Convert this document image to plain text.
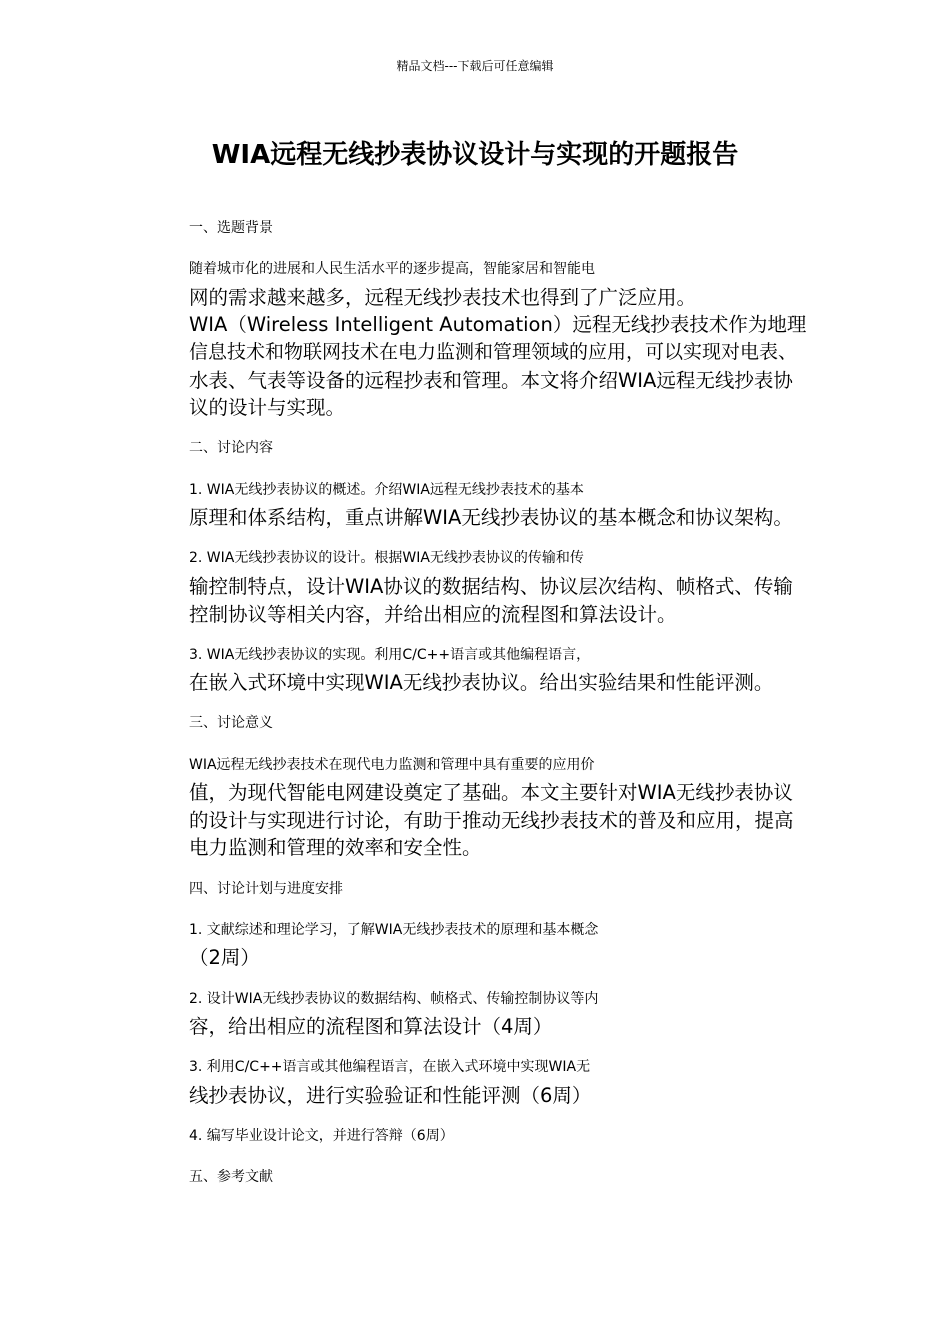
精品文档---下载后可任意编辑
WIA远程无线抄表协议设计与实现的开题报告
一、选题背景
随着城市化的进展和人民生活水平的逐步提高，智能家居和智能电
网的需求越来越多，远程无线抄表技术也得到了广泛应用。
WIA（Wireless Intelligent Automation）远程无线抄表技术作为地理
信息技术和物联网技术在电力监测和管理领域的应用，可以实现对电表、
水表、气表等设备的远程抄表和管理。本文将介绍WIA远程无线抄表协
议的设计与实现。
二、讨论内容
1. WIA无线抄表协议的概述。介绍WIA远程无线抄表技术的基本
原理和体系结构，重点讲解WIA无线抄表协议的基本概念和协议架构。
2. WIA无线抄表协议的设计。根据WIA无线抄表协议的传输和传
输控制特点，设计WIA协议的数据结构、协议层次结构、帧格式、传输
控制协议等相关内容，并给出相应的流程图和算法设计。
3. WIA无线抄表协议的实现。利用C/C++语言或其他编程语言，
在嵌入式环境中实现WIA无线抄表协议。给出实验结果和性能评测。
三、讨论意义
WIA远程无线抄表技术在现代电力监测和管理中具有重要的应用价
值，为现代智能电网建设奠定了基础。本文主要针对WIA无线抄表协议
的设计与实现进行讨论，有助于推动无线抄表技术的普及和应用，提高
电力监测和管理的效率和安全性。
四、讨论计划与进度安排
1. 文献综述和理论学习，了解WIA无线抄表技术的原理和基本概念
（2周）
2. 设计WIA无线抄表协议的数据结构、帧格式、传输控制协议等内
容，给出相应的流程图和算法设计（4周）
3. 利用C/C++语言或其他编程语言，在嵌入式环境中实现WIA无
线抄表协议，进行实验验证和性能评测（6周）
4. 编写毕业设计论文，并进行答辩（6周）
五、参考文献
